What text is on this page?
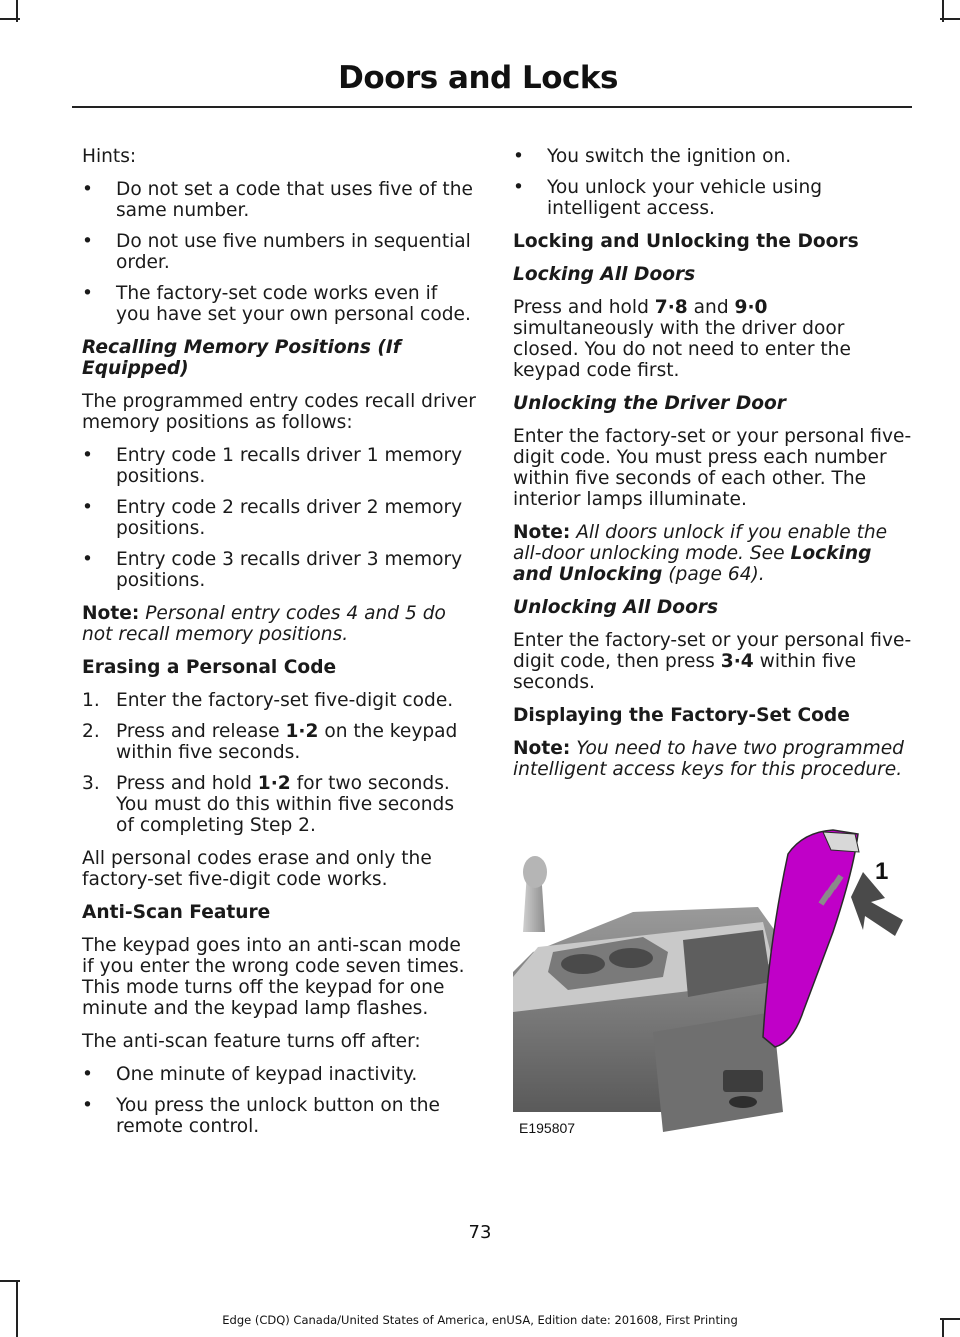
Doors and Locks

Hints:

• Do not set a code that uses five of the same number.
• Do not use five numbers in sequential order.
• The factory-set code works even if you have set your own personal code.
Recalling Memory Positions (If Equipped)

The programmed entry codes recall driver memory positions as follows:

• Entry code 1 recalls driver 1 memory positions.
• Entry code 2 recalls driver 2 memory positions.
• Entry code 3 recalls driver 3 memory positions.

Note: Personal entry codes 4 and 5 do not recall memory positions.

Erasing a Personal Code
1. Enter the factory-set five-digit code.
2. Press and release 1·2 on the keypad within five seconds.
3. Press and hold 1·2 for two seconds. You must do this within five seconds of completing Step 2.

All personal codes erase and only the factory-set five-digit code works.

Anti-Scan Feature

The keypad goes into an anti-scan mode if you enter the wrong code seven times. This mode turns off the keypad for one minute and the keypad lamp flashes.

The anti-scan feature turns off after:

• One minute of keypad inactivity.
• You press the unlock button on the remote control.
• You switch the ignition on.
• You unlock your vehicle using intelligent access.
Locking and Unlocking the Doors
Locking All Doors

Press and hold 7·8 and 9·0 simultaneously with the driver door closed. You do not need to enter the keypad code first.

Unlocking the Driver Door

Enter the factory-set or your personal five-digit code. You must press each number within five seconds of each other. The interior lamps illuminate.

Note: All doors unlock if you enable the all-door unlocking mode. See Locking and Unlocking (page 64).

Unlocking All Doors

Enter the factory-set or your personal five-digit code, then press 3·4 within five seconds.

Displaying the Factory-Set Code

Note: You need to have two programmed intelligent access keys for this procedure.

1
E195807
73
Edge (CDQ) Canada/United States of America, enUSA, Edition date: 201608, First Printing
